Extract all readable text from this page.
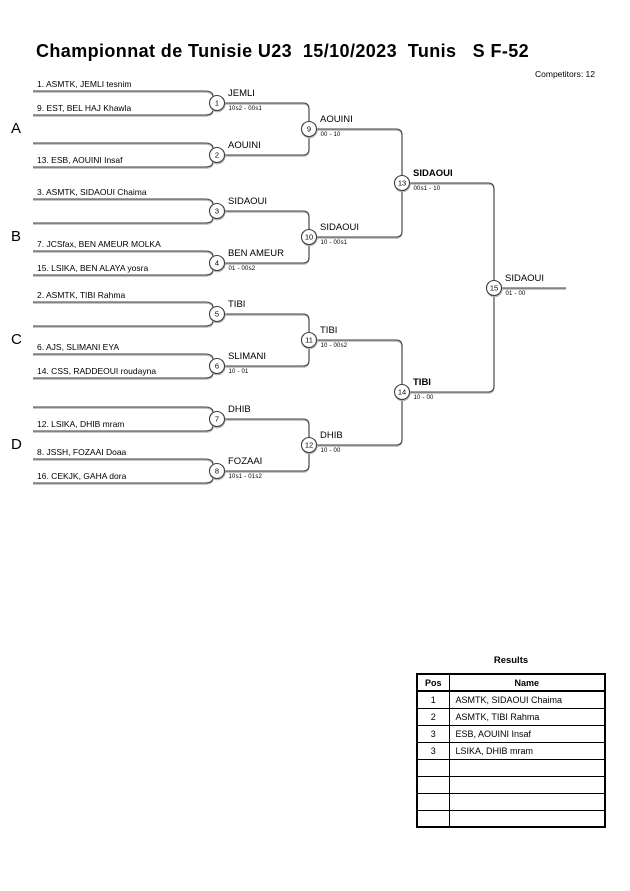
Championnat de Tunisie U23  15/10/2023  Tunis   S F-52
Competitors: 12
1
2
3
4
5
6
7
8
9
10
11
12
13
14
15
Results
Pos	Name
1	ASMTK, SIDAOUI Chaima
2	ASMTK, TIBI Rahma
3	ESB, AOUINI Insaf
3	LSIKA, DHIB mram

1. ASMTK, JEMLI tesnim
9. EST, BEL HAJ Khawla
13. ESB, AOUINI Insaf
3. ASMTK, SIDAOUI Chaima
7. JCSfax, BEN AMEUR MOLKA
15. LSIKA, BEN ALAYA yosra
2. ASMTK, TIBI Rahma
6. AJS, SLIMANI EYA
14. CSS, RADDEOUI roudayna
12. LSIKA, DHIB mram
8. JSSH, FOZAAI Doaa
16. CEKJK, GAHA dora
JEMLI
10s2 - 00s1
AOUINI
SIDAOUI
BEN AMEUR
01 - 00s2
TIBI
SLIMANI
10 - 01
DHIB
FOZAAI
10s1 - 01s2
AOUINI
00 - 10
SIDAOUI
10 - 00s1
TIBI
10 - 00s2
DHIB
10 - 00
SIDAOUI
00s1 - 10
TIBI
10 - 00
SIDAOUI
01 - 00
A
B
C
D
